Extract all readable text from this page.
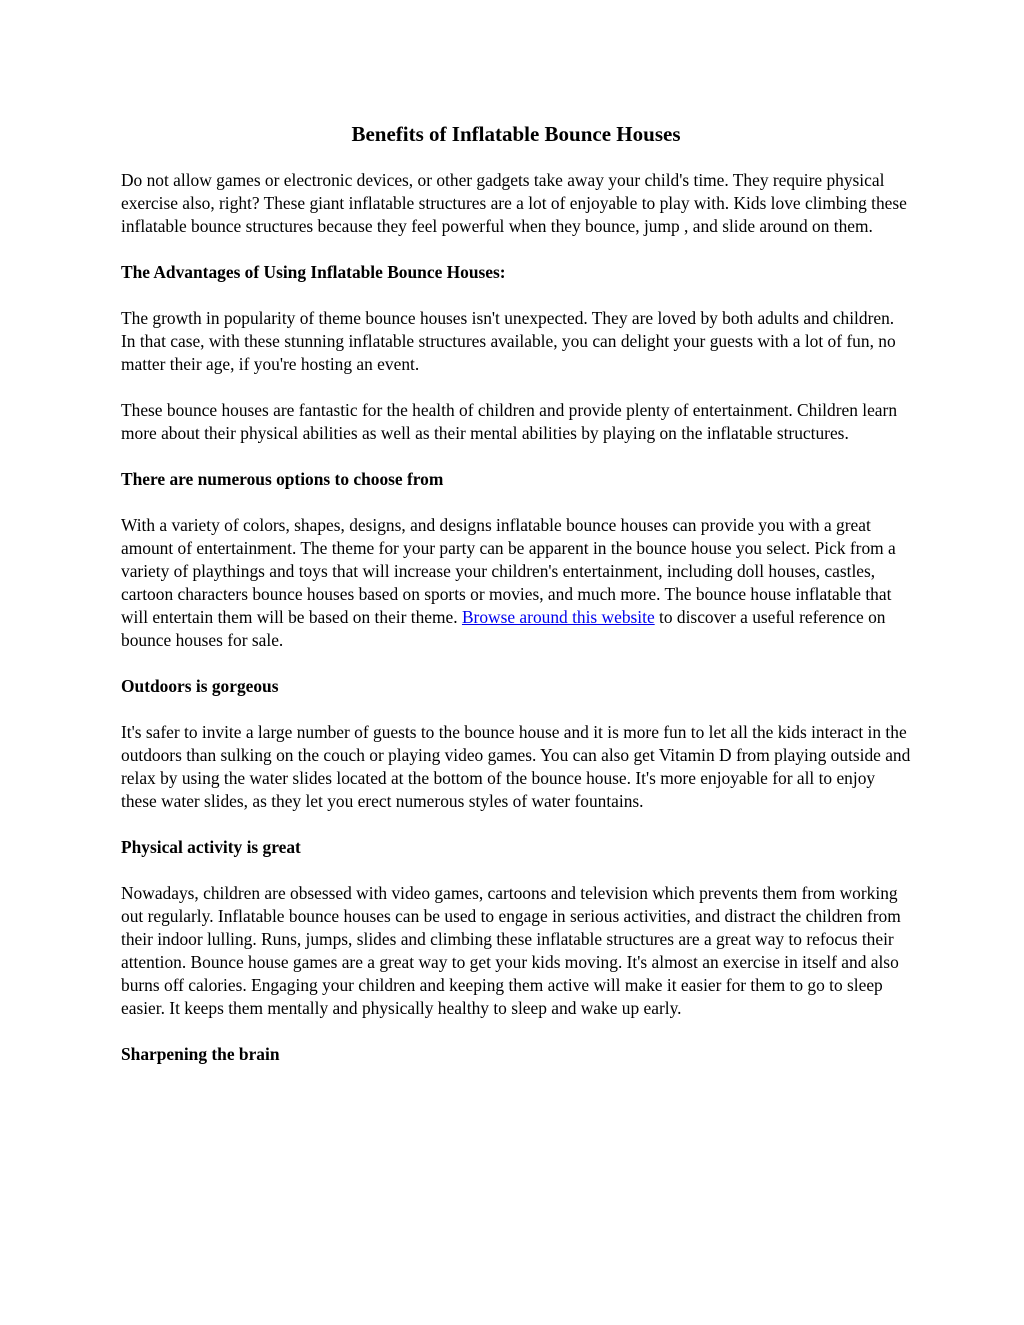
Benefits of Inflatable Bounce Houses

Do not allow games or electronic devices, or other gadgets take away your child's time. They require physical exercise also, right? These giant inflatable structures are a lot of enjoyable to play with. Kids love climbing these inflatable bounce structures because they feel powerful when they bounce, jump , and slide around on them.

The Advantages of Using Inflatable Bounce Houses:

The growth in popularity of theme bounce houses isn't unexpected. They are loved by both adults and children. In that case, with these stunning inflatable structures available, you can delight your guests with a lot of fun, no matter their age, if you're hosting an event.

These bounce houses are fantastic for the health of children and provide plenty of entertainment. Children learn more about their physical abilities as well as their mental abilities by playing on the inflatable structures.

There are numerous options to choose from

With a variety of colors, shapes, designs, and designs inflatable bounce houses can provide you with a great amount of entertainment. The theme for your party can be apparent in the bounce house you select. Pick from a variety of playthings and toys that will increase your children's entertainment, including doll houses, castles, cartoon characters bounce houses based on sports or movies, and much more. The bounce house inflatable that will entertain them will be based on their theme. Browse around this website to discover a useful reference on bounce houses for sale.

Outdoors is gorgeous

It's safer to invite a large number of guests to the bounce house and it is more fun to let all the kids interact in the outdoors than sulking on the couch or playing video games. You can also get Vitamin D from playing outside and relax by using the water slides located at the bottom of the bounce house. It's more enjoyable for all to enjoy these water slides, as they let you erect numerous styles of water fountains.

Physical activity is great

Nowadays, children are obsessed with video games, cartoons and television which prevents them from working out regularly. Inflatable bounce houses can be used to engage in serious activities, and distract the children from their indoor lulling. Runs, jumps, slides and climbing these inflatable structures are a great way to refocus their attention. Bounce house games are a great way to get your kids moving. It's almost an exercise in itself and also burns off calories. Engaging your children and keeping them active will make it easier for them to go to sleep easier. It keeps them mentally and physically healthy to sleep and wake up early.

Sharpening the brain
